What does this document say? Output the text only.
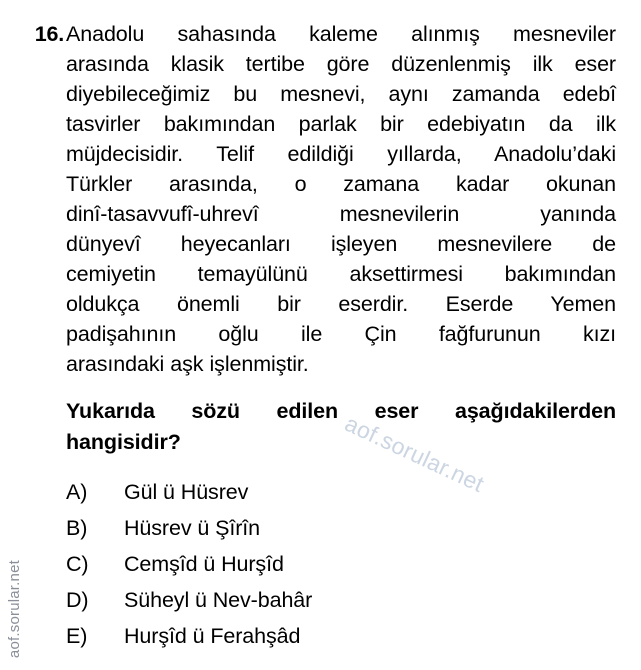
16. Anadolu sahasında kaleme alınmış mesneviler
arasında klasik tertibe göre düzenlenmiş ilk eser
diyebileceğimiz bu mesnevi, aynı zamanda edebî
tasvirler bakımından parlak bir edebiyatın da ilk
müjdecisidir. Telif edildiği yıllarda, Anadolu’daki
Türkler arasında, o zamana kadar okunan
dinî-tasavvufî-uhrevî mesnevilerin yanında
dünyevî heyecanları işleyen mesnevilere de
cemiyetin temayülünü aksettirmesi bakımından
oldukça önemli bir eserdir. Eserde Yemen
padişahının oğlu ile Çin fağfurunun kızı
arasındaki aşk işlenmiştir.
Yukarıda sözü edilen eser aşağıdakilerden
hangisidir?
A) Gül ü Hüsrev
B) Hüsrev ü Şîrîn
C) Cemşîd ü Hurşîd
D) Süheyl ü Nev-bahâr
E) Hurşîd ü Ferahşâd
aof.sorular.net
aof.sorular.net
